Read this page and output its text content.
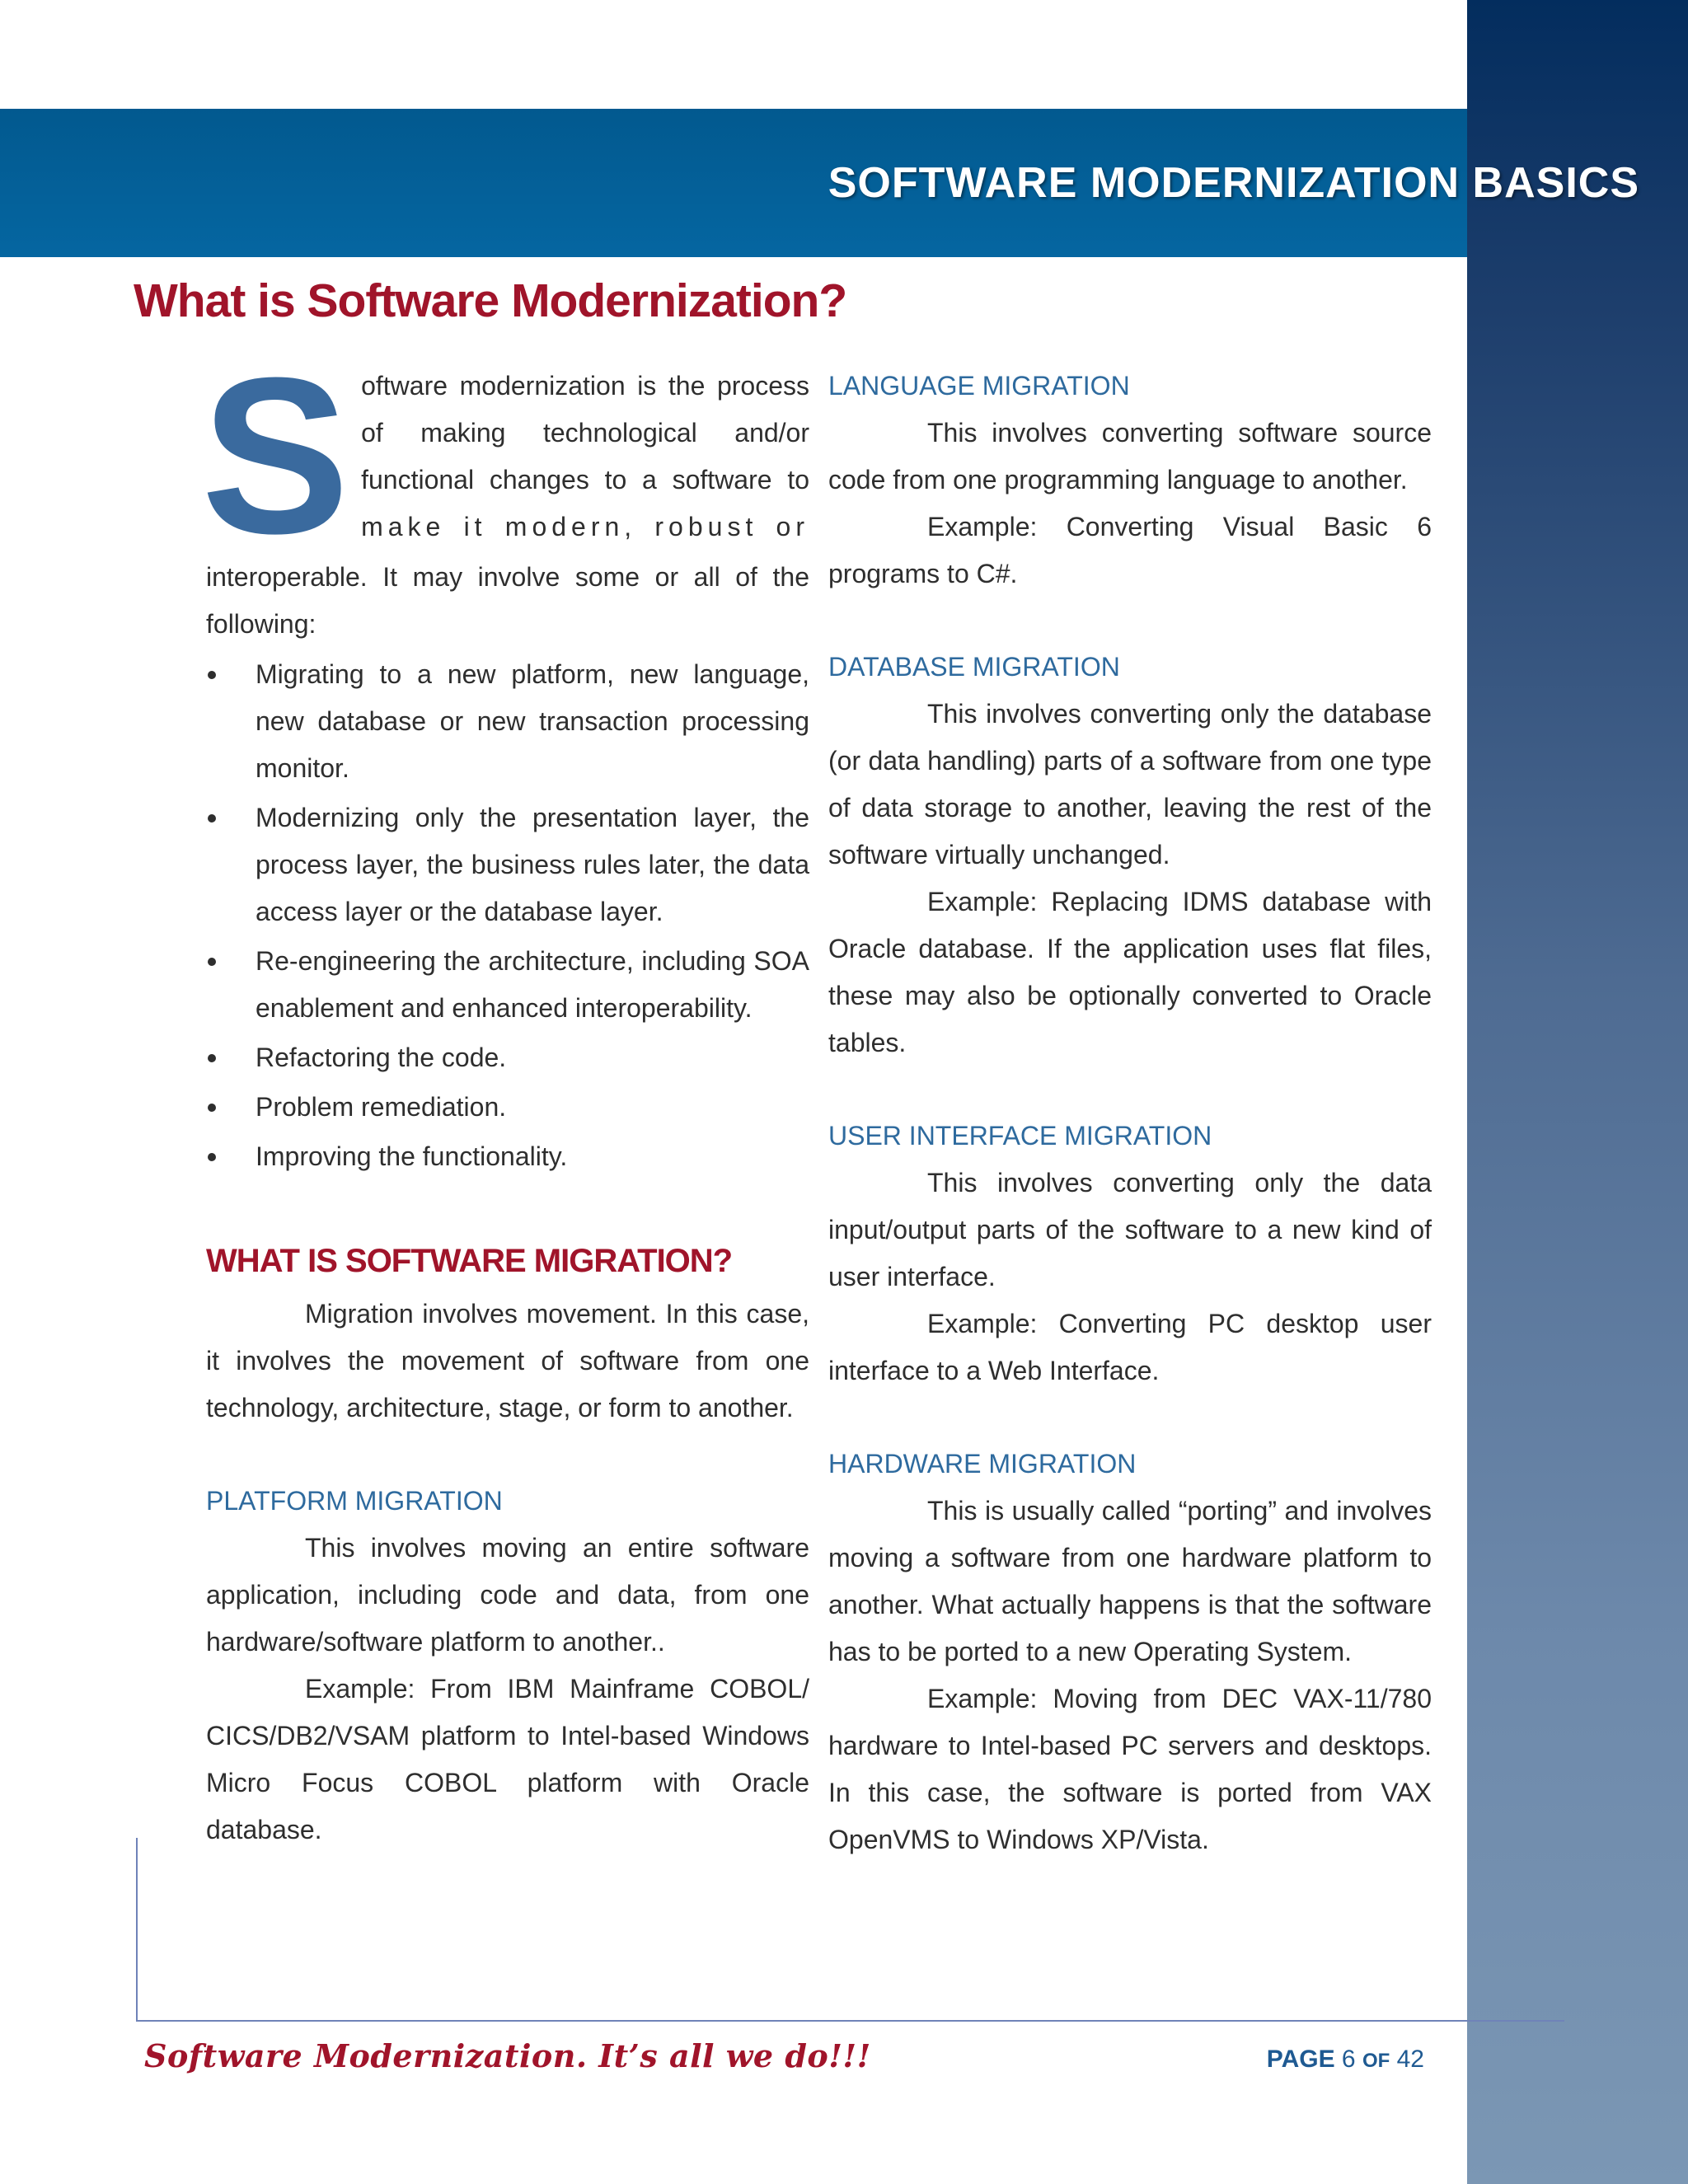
SOFTWARE MODERNIZATION BASICS
What is Software Modernization?
S oftware modernization is the process

of making technological and/or

functional changes to a software to

make it modern, robust or

interoperable. It may involve some or all of the following:

Migrating to a new platform, new language, new database or new transaction processing monitor.
Modernizing only the presentation layer, the process layer, the business rules later, the data access layer or the database layer.
Re-engineering the architecture, including SOA enablement and enhanced interoperability.
Refactoring the code.
Problem remediation.
Improving the functionality.
WHAT IS SOFTWARE MIGRATION?

Migration involves movement. In this case, it involves the movement of software from one technology, architecture, stage, or form to another.

PLATFORM MIGRATION

This involves moving an entire software application, including code and data, from one hardware/software platform to another..

Example: From IBM Mainframe COBOL/ CICS/DB2/VSAM platform to Intel-based Windows Micro Focus COBOL platform with Oracle database.

LANGUAGE MIGRATION

This involves converting software source code from one programming language to another.

Example: Converting Visual Basic 6 programs to C#.

DATABASE MIGRATION

This involves converting only the database (or data handling) parts of a software from one type of data storage to another, leaving the rest of the software virtually unchanged.

Example: Replacing IDMS database with Oracle database. If the application uses flat files, these may also be optionally converted to Oracle tables.

USER INTERFACE MIGRATION

This involves converting only the data input/output parts of the software to a new kind of user interface.

Example: Converting PC desktop user interface to a Web Interface.

HARDWARE MIGRATION

This is usually called “porting” and involves moving a software from one hardware platform to another. What actually happens is that the software has to be ported to a new Operating System.

Example: Moving from DEC VAX-11/780 hardware to Intel-based PC servers and desktops. In this case, the software is ported from VAX OpenVMS to Windows XP/Vista.

Software Modernization. It’s all we do!!!	PAGE 6 OF 42
